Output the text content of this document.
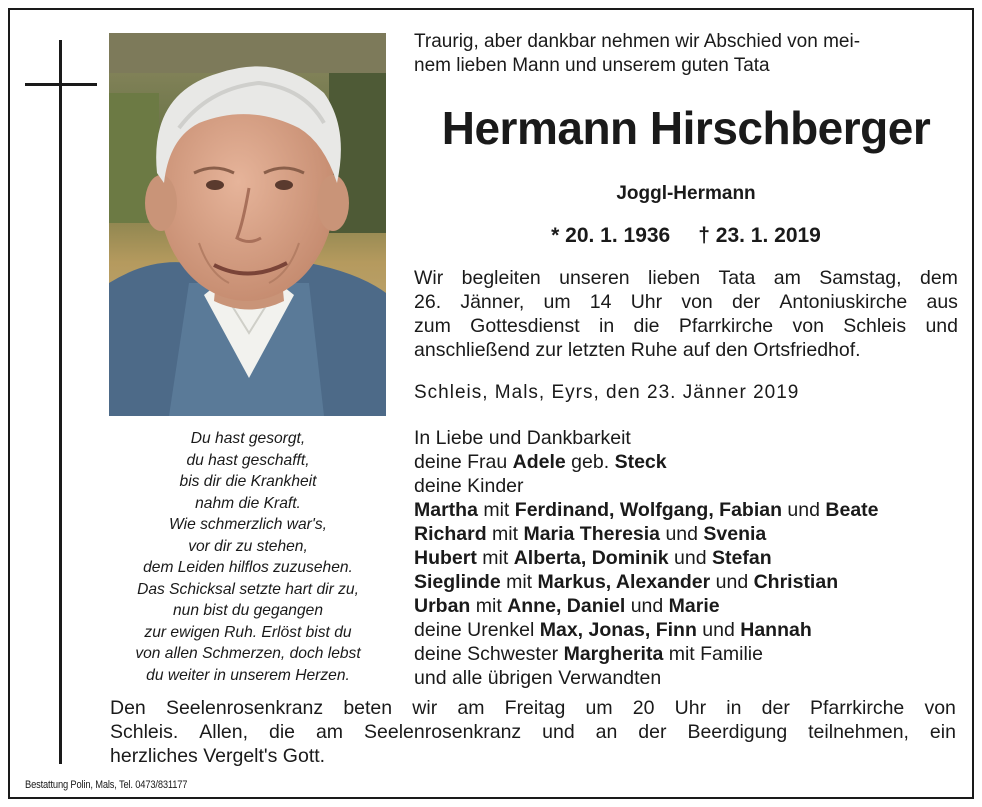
Du hast gesorgt,
du hast geschafft,
bis dir die Krankheit
nahm die Kraft.
Wie schmerzlich war's,
vor dir zu stehen,
dem Leiden hilflos zuzusehen.
Das Schicksal setzte hart dir zu,
nun bist du gegangen
zur ewigen Ruh. Erlöst bist du
von allen Schmerzen, doch lebst
du weiter in unserem Herzen.
Traurig, aber dankbar nehmen wir Abschied von mei-
nem lieben Mann und unserem guten Tata
Hermann Hirschberger
Joggl-Hermann
* 20. 1. 1936 † 23. 1. 2019
Wir begleiten unseren lieben Tata am Samstag, dem
26. Jänner, um 14 Uhr von der Antoniuskirche aus
zum Gottesdienst in die Pfarrkirche von Schleis und
anschließend zur letzten Ruhe auf den Ortsfriedhof.
Schleis, Mals, Eyrs, den 23. Jänner 2019
In Liebe und Dankbarkeit
deine Frau Adele geb. Steck
deine Kinder
Martha mit Ferdinand, Wolfgang, Fabian und Beate
Richard mit Maria Theresia und Svenia
Hubert mit Alberta, Dominik und Stefan
Sieglinde mit Markus, Alexander und Christian
Urban mit Anne, Daniel und Marie
deine Urenkel Max, Jonas, Finn und Hannah
deine Schwester Margherita mit Familie
und alle übrigen Verwandten
Den Seelenrosenkranz beten wir am Freitag um 20 Uhr in der Pfarrkirche von
Schleis. Allen, die am Seelenrosenkranz und an der Beerdigung teilnehmen, ein
herzliches Vergelt's Gott.
Bestattung Polin, Mals, Tel. 0473/831177
